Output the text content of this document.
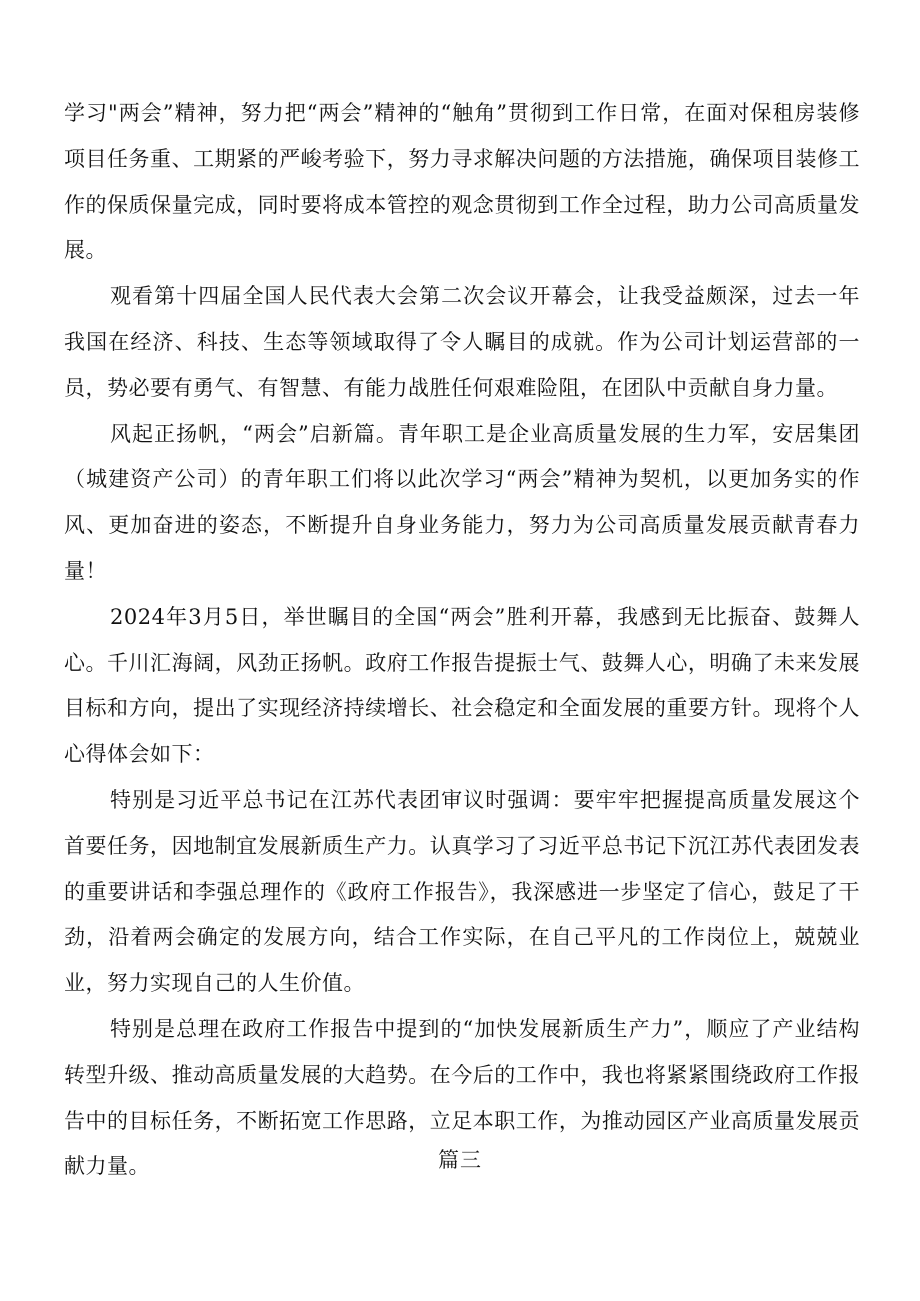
学习"两会”精神，努力把“两会”精神的“触角”贯彻到工作日常，在面对保租房装修项目任务重、工期紧的严峻考验下，努力寻求解决问题的方法措施，确保项目装修工作的保质保量完成，同时要将成本管控的观念贯彻到工作全过程，助力公司高质量发展。

观看第十四届全国人民代表大会第二次会议开幕会，让我受益颇深，过去一年我国在经济、科技、生态等领域取得了令人瞩目的成就。作为公司计划运营部的一员，势必要有勇气、有智慧、有能力战胜任何艰难险阻，在团队中贡献自身力量。

风起正扬帆，“两会”启新篇。青年职工是企业高质量发展的生力军，安居集团（城建资产公司）的青年职工们将以此次学习“两会”精神为契机，以更加务实的作风、更加奋进的姿态，不断提升自身业务能力，努力为公司高质量发展贡献青春力量！

2024年3月5日，举世瞩目的全国“两会”胜利开幕，我感到无比振奋、鼓舞人心。千川汇海阔，风劲正扬帆。政府工作报告提振士气、鼓舞人心，明确了未来发展目标和方向，提出了实现经济持续增长、社会稳定和全面发展的重要方针。现将个人心得体会如下：

特别是习近平总书记在江苏代表团审议时强调：要牢牢把握提高质量发展这个首要任务，因地制宜发展新质生产力。认真学习了习近平总书记下沉江苏代表团发表的重要讲话和李强总理作的《政府工作报告》，我深感进一步坚定了信心，鼓足了干劲，沿着两会确定的发展方向，结合工作实际，在自己平凡的工作岗位上，兢兢业业，努力实现自己的人生价值。

特别是总理在政府工作报告中提到的“加快发展新质生产力”，顺应了产业结构转型升级、推动高质量发展的大趋势。在今后的工作中，我也将紧紧围绕政府工作报告中的目标任务，不断拓宽工作思路，立足本职工作，为推动园区产业高质量发展贡献力量。	篇三
